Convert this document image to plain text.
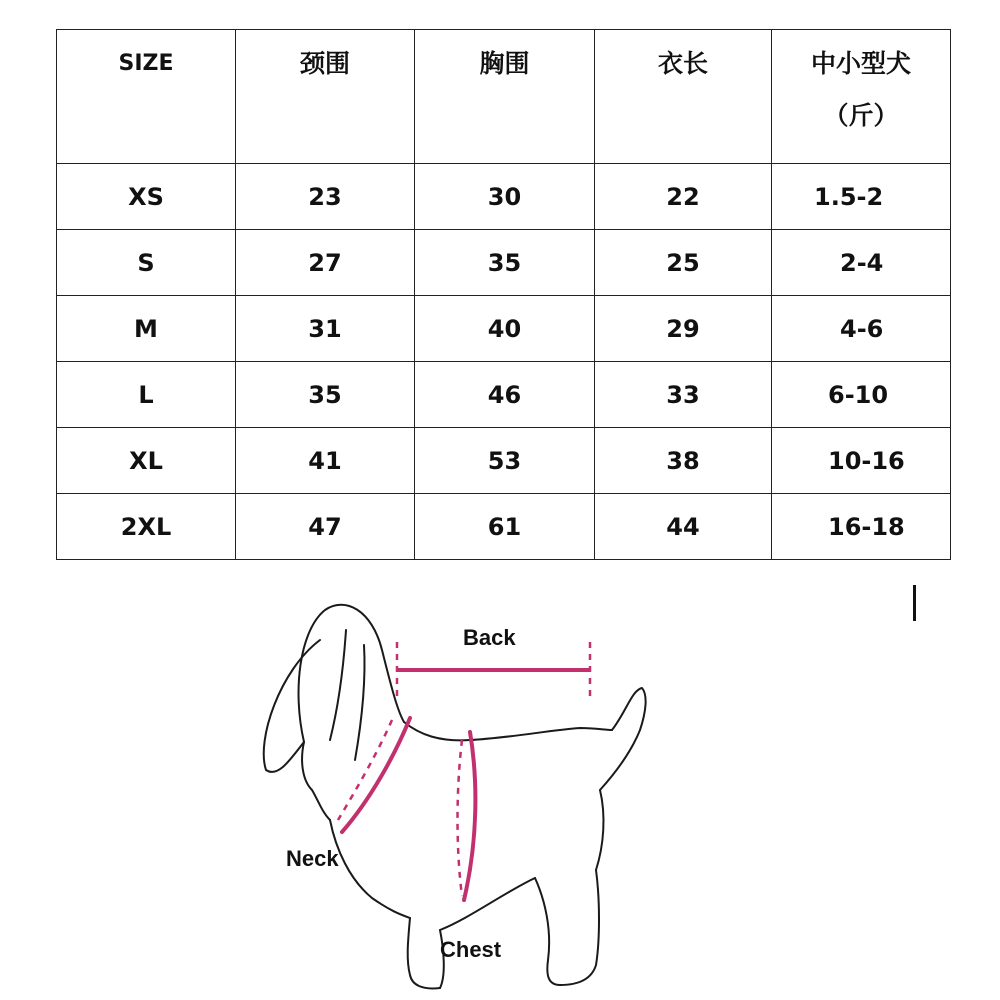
SIZE	颈围	胸围	衣长	中小型犬
（斤）

XS	23	30	22	1.5-2
S	27	35	25	2-4
M	31	40	29	4-6
L	35	46	33	6-10
XL	41	53	38	10-16
2XL	47	61	44	16-18
Back
Neck
Chest
